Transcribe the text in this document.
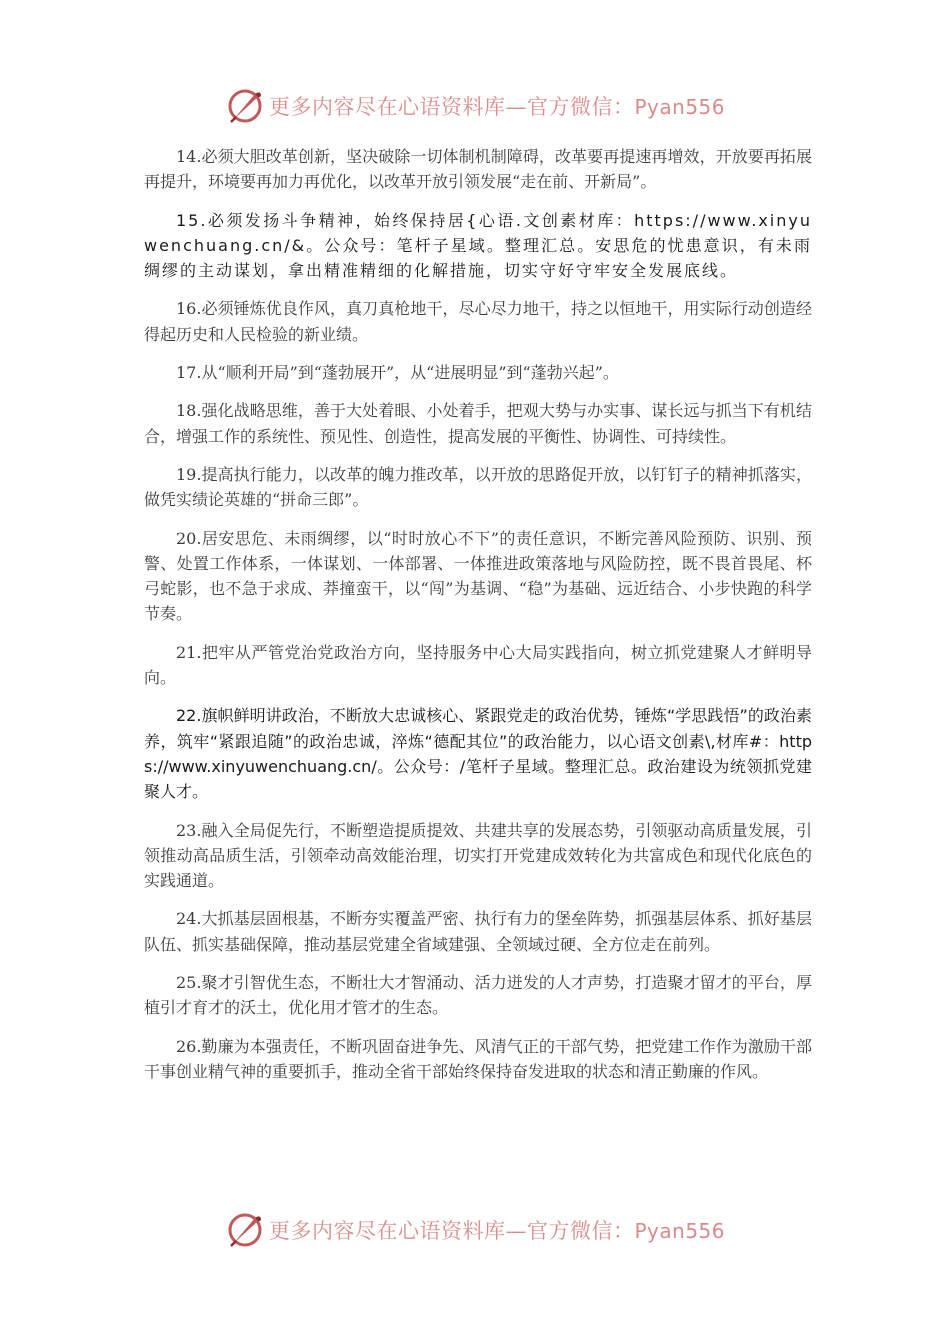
更多内容尽在心语资料库—官方微信：Pyan556

14.必须大胆改革创新，坚决破除一切体制机制障碍，改革要再提速再增效，开放要再拓展再提升，环境要再加力再优化，以改革开放引领发展“走在前、开新局”。

15.必须发扬斗争精神，始终保持居{心语.文创素材库：https://www.xinyuwenchuang.cn/&。公众号：笔杆子星域。整理汇总。安思危的忧患意识，有未雨绸缪的主动谋划，拿出精准精细的化解措施，切实守好守牢安全发展底线。

16.必须锤炼优良作风，真刀真枪地干，尽心尽力地干，持之以恒地干，用实际行动创造经得起历史和人民检验的新业绩。

17.从“顺利开局”到“蓬勃展开”，从“进展明显”到“蓬勃兴起”。

18.强化战略思维，善于大处着眼、小处着手，把观大势与办实事、谋长远与抓当下有机结合，增强工作的系统性、预见性、创造性，提高发展的平衡性、协调性、可持续性。

19.提高执行能力，以改革的魄力推改革，以开放的思路促开放，以钉钉子的精神抓落实，做凭实绩论英雄的“拼命三郎”。

20.居安思危、未雨绸缪，以“时时放心不下”的责任意识，不断完善风险预防、识别、预警、处置工作体系，一体谋划、一体部署、一体推进政策落地与风险防控，既不畏首畏尾、杯弓蛇影，也不急于求成、莽撞蛮干，以“闯”为基调、“稳”为基础、远近结合、小步快跑的科学节奏。

21.把牢从严管党治党政治方向，坚持服务中心大局实践指向，树立抓党建聚人才鲜明导向。

22.旗帜鲜明讲政治，不断放大忠诚核心、紧跟党走的政治优势，锤炼“学思践悟”的政治素养，筑牢“紧跟追随”的政治忠诚，淬炼“德配其位”的政治能力，以心语文创素\,材库#：https://www.xinyuwenchuang.cn/。公众号：/笔杆子星域。整理汇总。政治建设为统领抓党建聚人才。

23.融入全局促先行，不断塑造提质提效、共建共享的发展态势，引领驱动高质量发展，引领推动高品质生活，引领牵动高效能治理，切实打开党建成效转化为共富成色和现代化底色的实践通道。

24.大抓基层固根基，不断夯实覆盖严密、执行有力的堡垒阵势，抓强基层体系、抓好基层队伍、抓实基础保障，推动基层党建全省域建强、全领域过硬、全方位走在前列。

25.聚才引智优生态，不断壮大才智涌动、活力迸发的人才声势，打造聚才留才的平台，厚植引才育才的沃土，优化用才管才的生态。

26.勤廉为本强责任，不断巩固奋进争先、风清气正的干部气势，把党建工作作为激励干部干事创业精气神的重要抓手，推动全省干部始终保持奋发进取的状态和清正勤廉的作风。

更多内容尽在心语资料库—官方微信：Pyan556
